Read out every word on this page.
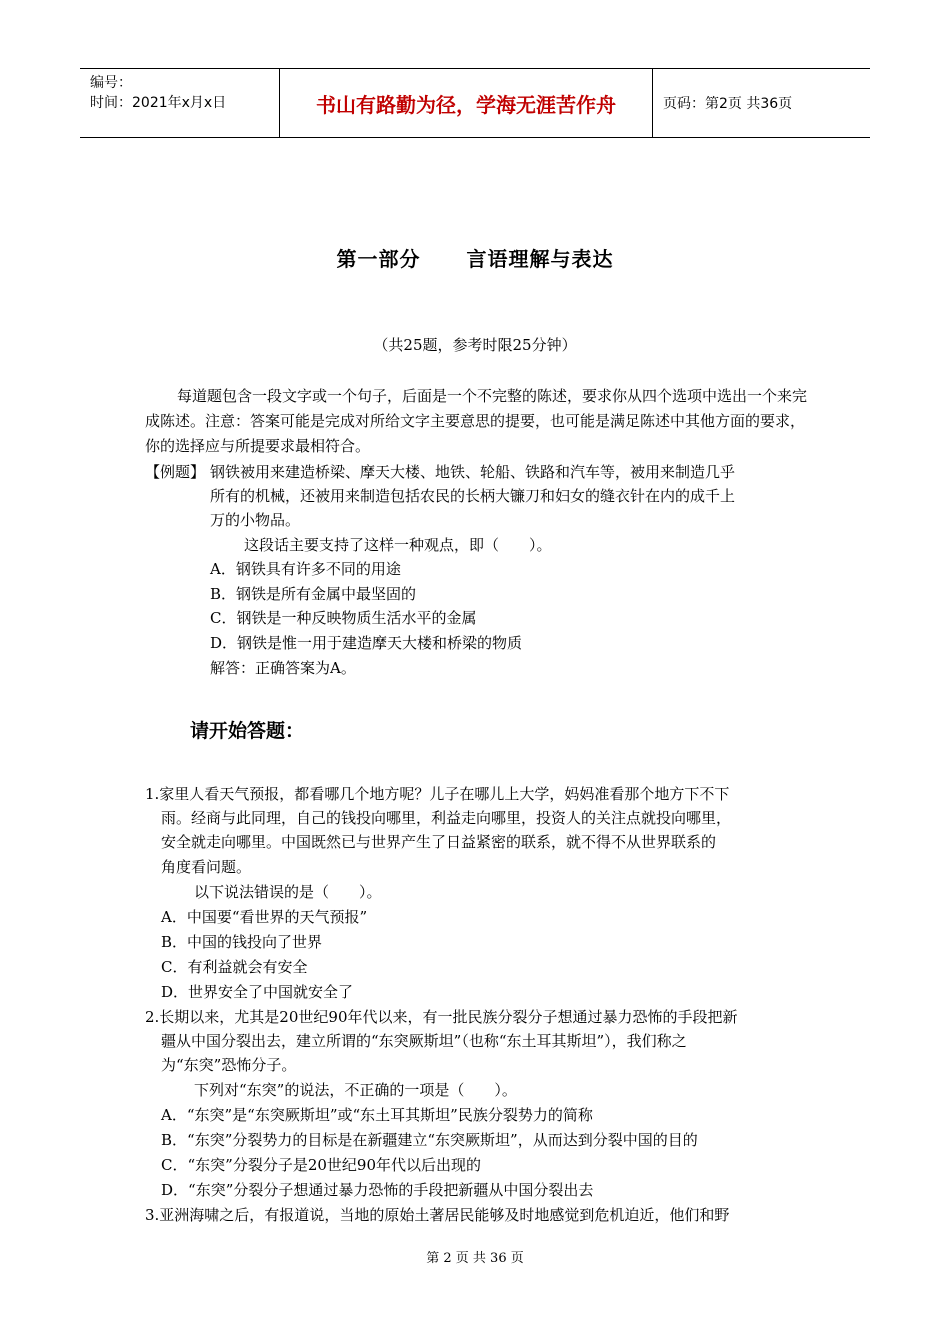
编号：
时间：2021年x月x日	书山有路勤为径，学海无涯苦作舟	页码：第2页 共36页
第一部分 言语理解与表达
（共25题，参考时限25分钟）
每道题包含一段文字或一个句子，后面是一个不完整的陈述，要求你从四个选项中选出一个来完成陈述。注意：答案可能是完成对所给文字主要意思的提要，也可能是满足陈述中其他方面的要求，你的选择应与所提要求最相符合。
【例题】 钢铁被用来建造桥梁、摩天大楼、地铁、轮船、铁路和汽车等，被用来制造几乎
所有的机械，还被用来制造包括农民的长柄大镰刀和妇女的缝衣针在内的成千上
万的小物品。
这段话主要支持了这样一种观点，即（　　）。
A．钢铁具有许多不同的用途
B．钢铁是所有金属中最坚固的
C．钢铁是一种反映物质生活水平的金属
D．钢铁是惟一用于建造摩天大楼和桥梁的物质
解答：正确答案为A。
请开始答题：
1.家里人看天气预报，都看哪几个地方呢？儿子在哪儿上大学，妈妈准看那个地方下不下
雨。经商与此同理，自己的钱投向哪里，利益走向哪里，投资人的关注点就投向哪里，
安全就走向哪里。中国既然已与世界产生了日益紧密的联系，就不得不从世界联系的
角度看问题。
以下说法错误的是（　　）。
A．中国要“看世界的天气预报”
B．中国的钱投向了世界
C．有利益就会有安全
D．世界安全了中国就安全了
2.长期以来，尤其是20世纪90年代以来，有一批民族分裂分子想通过暴力恐怖的手段把新
疆从中国分裂出去，建立所谓的“东突厥斯坦”（也称“东土耳其斯坦”），我们称之
为“东突”恐怖分子。
下列对“东突”的说法，不正确的一项是（　　）。
A．“东突”是“东突厥斯坦”或“东土耳其斯坦”民族分裂势力的简称
B．“东突”分裂势力的目标是在新疆建立“东突厥斯坦”，从而达到分裂中国的目的
C．“东突”分裂分子是20世纪90年代以后出现的
D．“东突”分裂分子想通过暴力恐怖的手段把新疆从中国分裂出去
3.亚洲海啸之后，有报道说，当地的原始土著居民能够及时地感觉到危机迫近，他们和野
第 2 页 共 36 页
